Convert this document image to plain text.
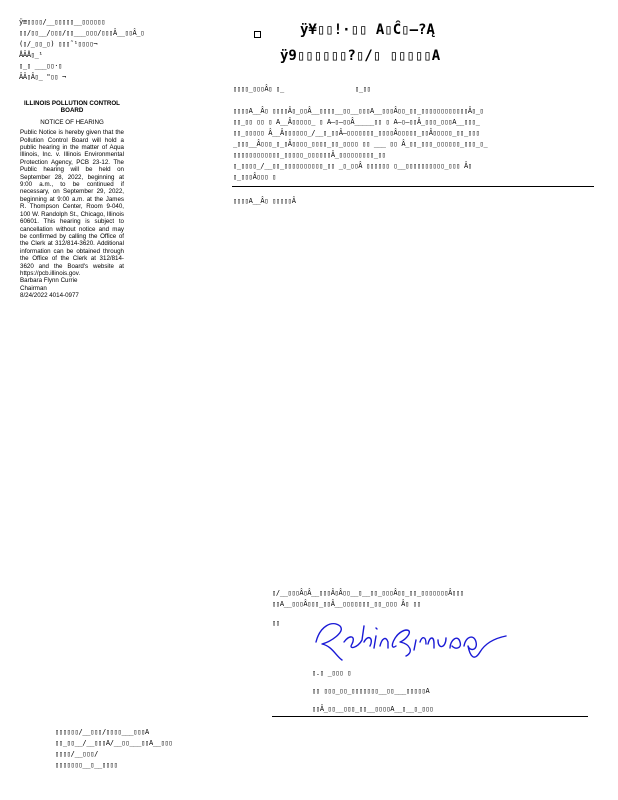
ÿ≡▯▯▯▯/__▯▯▯▯▯__▯▯▯▯▯▯
▯▯/▯▯__/▯▯▯/▯▯___▯▯▯/▯▯▯Â__▯▯Â_▯
(▯/_▯▯_▯) ▯▯▯˜¹▯▯▯▯¬
ÅÂÅ▯_¹
▯_▯ ___▯▯·▯
ÂÂ▯Â▯_ "▯▯ ¬
ILLINOIS POLLUTION CONTROL BOARD
NOTICE OF HEARING

Public Notice is hereby given that the Pollution Control Board will hold a public hearing in the matter of Aqua Illinois, Inc. v. Illinois Environmental Protection Agency, PCB 23-12. The Public hearing will be held on September 28, 2022, beginning at 9:00 a.m., to be continued if necessary, on September 29, 2022, beginning at 9:00 a.m. at the James R. Thompson Center, Room 9-040, 100 W. Randolph St., Chicago, Illinois 60601. This hearing is subject to cancellation without notice and may be confirmed by calling the Office of the Clerk at 312/814-3620. Additional information can be obtained through the Office of the Clerk at 312/814-3620 and the Board's website at https://pcb.illinois.gov.

Barbara Flynn Currie

Chairman

8/24/2022 4014-0977

ÿ¥▯▯!·▯▯ A▯Ĉ▯—?Ą
ÿ9▯▯▯▯▯▯?▯/▯ ▯▯▯▯▯A
▯▯▯▯_▯▯▯Â▯ ▯_	▯_▯▯
▯▯▯▯A__Â▯ ▯▯▯▯Â▯_▯▯Â__▯▯▯▯__▯▯__▯▯▯A__▯▯▯Â▯▯_▯▯_▯▯▯▯▯▯▯▯▯▯▯▯Â▯_▯
▯▯_▯▯ ▯▯ ▯ A__Â▯▯▯▯▯_ ▯ A—▯—▯▯Â_____▯▯ ▯ A—▯—▯▯Â_▯▯▯_▯▯▯A__▯▯▯_
▯▯_▯▯▯▯▯ Â__Â▯▯▯▯▯▯_/__▯_▯▯Â—▯▯▯▯▯▯▯_▯▯▯▯Â▯▯▯▯▯_▯▯Â▯▯▯▯▯_▯▯_▯▯▯
_▯▯▯__Â▯▯▯_▯_▯Â▯▯▯▯_▯▯▯▯_▯▯_▯▯▯▯ ▯▯ ___ ▯▯ Â_▯▯_▯▯▯_▯▯▯▯▯▯_▯▯▯_▯_
▯▯▯▯▯▯▯▯▯▯▯▯_▯▯▯▯▯_▯▯▯▯▯▯Â_▯▯▯▯▯▯▯▯▯_▯▯
▯_▯▯▯▯_/__▯▯_▯▯▯▯▯▯▯▯▯▯_▯▯ _▯_▯▯Â ▯▯▯▯▯▯ ▯__▯▯▯▯▯▯▯▯▯▯_▯▯▯ Â▯
▯_▯▯▯Â▯▯▯ ▯
▯▯▯▯A__Â▯ ▯▯▯▯▯Â
▯/__▯▯▯Â▯Â__▯▯▯Â▯Â▯▯__▯__▯▯_▯▯▯Â▯▯_▯▯_▯▯▯▯▯▯▯Â▯▯▯
▯▯A__▯▯▯Â▯▯▯_▯▯Â__▯▯▯▯▯▯▯_▯▯_▯▯▯ Â▯ ▯▯
▯▯
▯.▯ _▯▯▯ ▯
▯▯ ▯▯▯_▯▯_▯▯▯▯▯▯▯__▯▯___▯▯▯▯▯A
▯▯Â_▯▯__▯▯▯_▯▯__▯▯▯▯A__▯__▯_▯▯▯
▯▯▯▯▯▯/__▯▯▯/▯▯▯▯___▯▯▯A
▯▯_▯▯__/__▯▯▯A/__▯▯___▯▯A__▯▯▯
▯▯▯▯/__▯▯▯/
▯▯▯▯▯▯▯__▯__▯▯▯▯
